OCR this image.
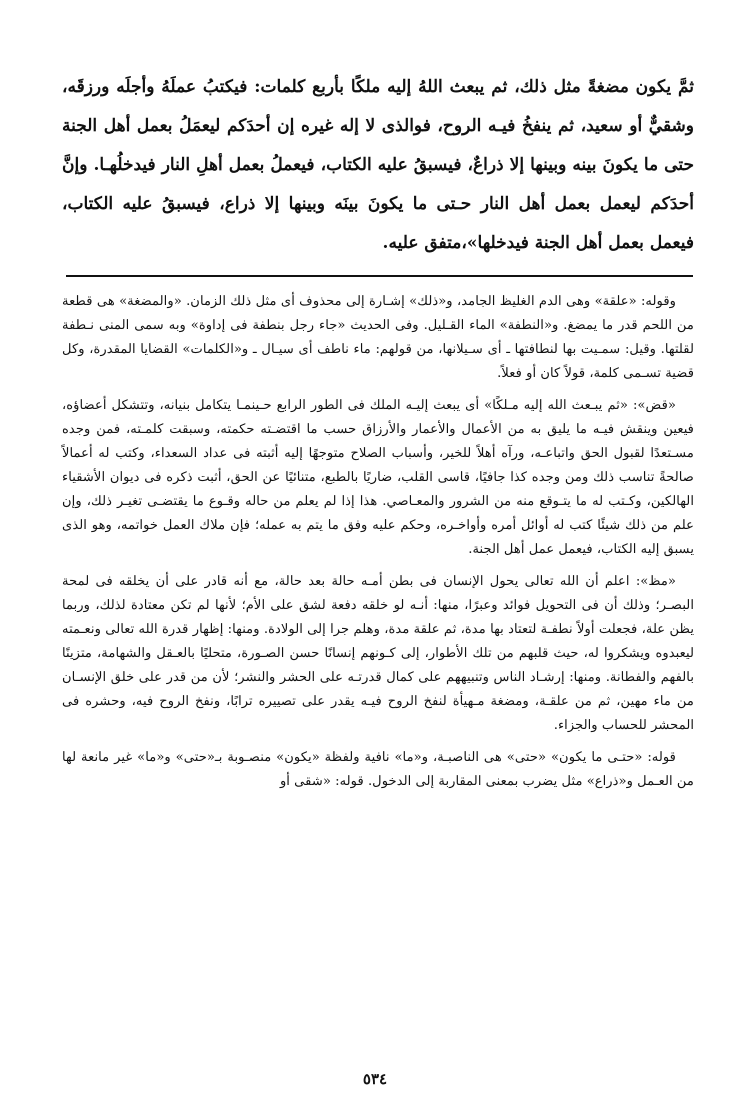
ثمَّ يكون مضغةً مثل ذلك، ثم يبعث اللهُ إليه ملكًا بأربع كلمات: فيكتبُ عملَهُ وأجلَه ورزقَه، وشقيٌّ أو سعيد، ثم ينفخُ فيـه الروح، فوالذى لا إله غيره إن أحدَكم ليعمَلُ بعمل أهل الجنة حتى ما يكونَ بينه وبينها إلا ذراعٌ، فيسبقُ عليه الكتاب، فيعملُ بعمل أهلِ النار فيدخلُهـا. وإنَّ أحدَكم ليعمل بعمل أهل النار حـتى ما يكونَ بينَه وبينها إلا ذراع، فيسبقُ عليه الكتاب، فيعمل بعمل أهل الجنة فيدخلها»،متفق عليه.

وقوله: «علقة» وهى الدم الغليظ الجامد، و«ذلك» إشـارة إلى محذوف أى مثل ذلك الزمان. «والمضغة» هى قطعة من اللحم قدر ما يمضغ. و«النطفة» الماء القـليل. وفى الحديث «جاء رجل بنطفة فى إداوة» وبه سمى المنى نـطفة لقلتها. وقيل: سمـيت بها لنطافتها ـ أى سـيلانها، من قولهم: ماء ناطف أى سيـال ـ و«الكلمات» القضايا المقدرة، وكل قضية تسـمى كلمة، قولاً كان أو فعلاً.

«قض»: «ثم يبـعث الله إليه مـلكًا» أى يبعث إليـه الملك فى الطور الرابع حـينمـا يتكامل بنيانه، وتتشكل أعضاؤه، فيعين وينقش فيـه ما يليق به من الأعمال والأعمار والأرزاق حسب ما اقتضـته حكمته، وسبقت كلمـته، فمن وجده مسـتعدًا لقبول الحق واتباعـه، ورآه أهلاً للخير، وأسباب الصلاح متوجهًا إليه أثبته فى عداد السعداء، وكتب له أعمالاً صالحةً تناسب ذلك ومن وجده كذا جافيًا، قاسى القلب، ضاريًا بالطبع، متنائيًا عن الحق، أثبت ذكره فى ديوان الأشقياء الهالكين، وكـتب له ما يتـوقع منه من الشرور والمعـاصي. هذا إذا لم يعلم من حاله وقـوع ما يقتضـى تغيـر ذلك، وإن علم من ذلك شيئًا كتب له أوائل أمره وأواخـره، وحكم عليه وفق ما يتم به عمله؛ فإن ملاك العمل خواتمه، وهو الذى يسبق إليه الكتاب، فيعمل عمل أهل الجنة.

«مظ»: اعلم أن الله تعالى يحول الإنسان فى بطن أمـه حالة بعد حالة، مع أنه قادر على أن يخلقه فى لمحة البصـر؛ وذلك أن فى التحويل فوائد وعبرًا، منها: أنـه لو خلقه دفعة لشق على الأم؛ لأنها لم تكن معتادة لذلك، وربما يظن علة، فجعلت أولاً نطفـة لتعتاد بها مدة، ثم علقة مدة، وهلم جرا إلى الولادة. ومنها: إظهار قدرة الله تعالى ونعـمته ليعبدوه ويشكروا له، حيث قلبهم من تلك الأطوار، إلى كـونهم إنسانًا حسن الصـورة، متحليًا بالعـقل والشهامة، متزينًا بالفهم والفطانة. ومنها: إرشـاد الناس وتنبيههم على كمال قدرتـه على الحشر والنشر؛ لأن من قدر على خلق الإنسـان من ماء مهين، ثم من علقـة، ومضغة مـهيأة لنفخ الروح فيـه يقدر على تصييره ترابًا، ونفخ الروح فيه، وحشره فى المحشر للحساب والجزاء.

قوله: «حتـى ما يكون» «حتى» هى الناصبـة، و«ما» نافية ولفظة «يكون» منصـوبة بـ«حتى» و«ما» غير مانعة لها من العـمل و«ذراع» مثل يضرب بمعنى المقاربة إلى الدخول. قوله: «شقى أو

٥٣٤
